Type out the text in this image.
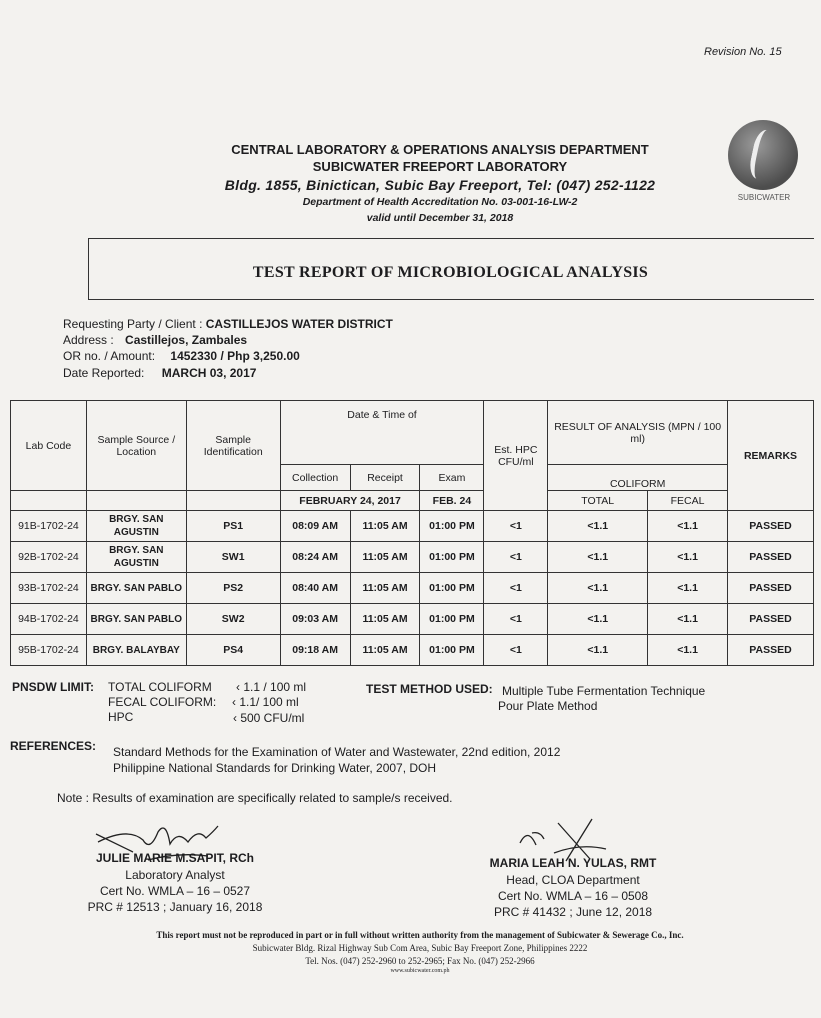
Revision No. 15
SUBICWATER
CENTRAL LABORATORY & OPERATIONS ANALYSIS DEPARTMENT
SUBICWATER FREEPORT LABORATORY
Bldg. 1855, Binictican, Subic Bay Freeport, Tel: (047) 252-1122
Department of Health Accreditation No. 03-001-16-LW-2
valid until December 31, 2018
TEST REPORT OF MICROBIOLOGICAL ANALYSIS
Requesting Party / Client : CASTILLEJOS WATER DISTRICT
Address : Castillejos, Zambales
OR no. / Amount: 1452330 / Php 3,250.00
Date Reported: MARCH 03, 2017
Lab Code	Sample Source / Location	Sample Identification	Date & Time of			Est. HPC CFU/ml	RESULT OF ANALYSIS (MPN / 100 ml)		REMARKS
			Collection	Receipt	Exam		COLIFORM		
			FEBRUARY 24, 2017		FEB. 24		TOTAL	FECAL	
91B-1702-24	BRGY. SAN AGUSTIN	PS1	08:09 AM	11:05 AM	01:00 PM	<1	<1.1	<1.1	PASSED
92B-1702-24	BRGY. SAN AGUSTIN	SW1	08:24 AM	11:05 AM	01:00 PM	<1	<1.1	<1.1	PASSED
93B-1702-24	BRGY. SAN PABLO	PS2	08:40 AM	11:05 AM	01:00 PM	<1	<1.1	<1.1	PASSED
94B-1702-24	BRGY. SAN PABLO	SW2	09:03 AM	11:05 AM	01:00 PM	<1	<1.1	<1.1	PASSED
95B-1702-24	BRGY. BALAYBAY	PS4	09:18 AM	11:05 AM	01:00 PM	<1	<1.1	<1.1	PASSED
PNSDW LIMIT: TOTAL COLIFORM ‹ 1.1 / 100 ml
FECAL COLIFORM: ‹ 1.1/ 100 ml
HPC	‹ 500 CFU/ml
TEST METHOD USED: Multiple Tube Fermentation Technique
Pour Plate Method
REFERENCES: Standard Methods for the Examination of Water and Wastewater, 22nd edition, 2012
Philippine National Standards for Drinking Water, 2007, DOH
Note : Results of examination are specifically related to sample/s received.
JULIE MARIE M.SAPIT, RCh
Laboratory Analyst
Cert No. WMLA – 16 – 0527
PRC # 12513 ; January 16, 2018
MARIA LEAH N. YULAS, RMT
Head, CLOA Department
Cert No. WMLA – 16 – 0508
PRC # 41432 ; June 12, 2018
This report must not be reproduced in part or in full without written authority from the management of Subicwater & Sewerage Co., Inc.
Subicwater Bldg. Rizal Highway Sub Com Area, Subic Bay Freeport Zone, Philippines 2222
Tel. Nos. (047) 252-2960 to 252-2965; Fax No. (047) 252-2966
www.subicwater.com.ph
